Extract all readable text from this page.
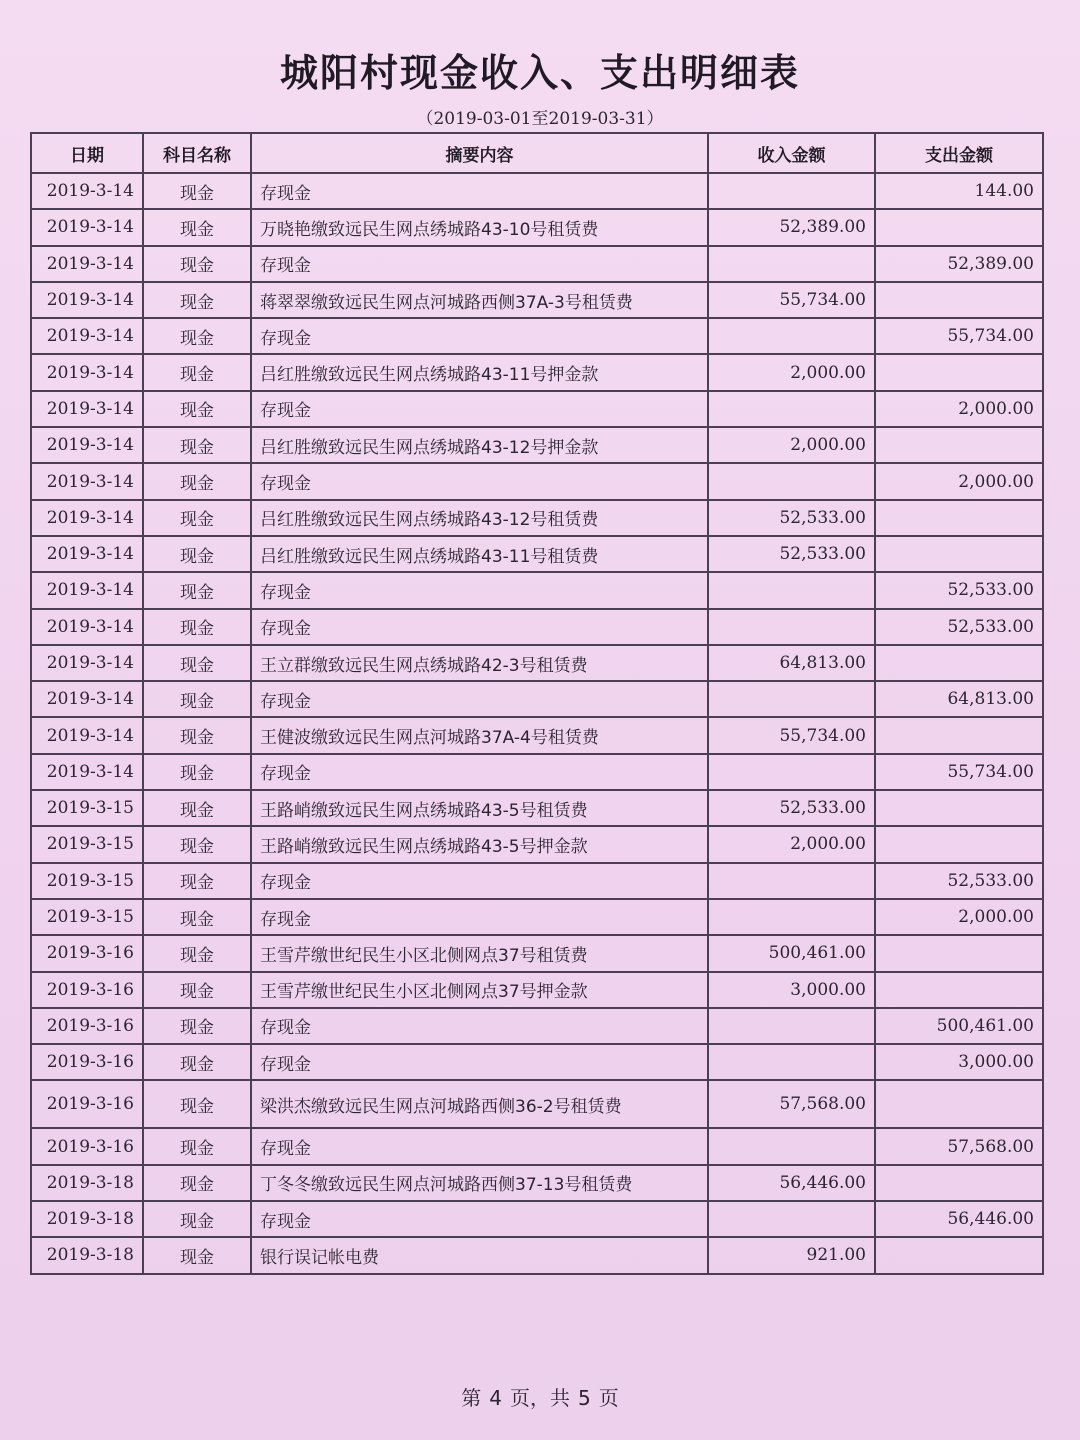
城阳村现金收入、支出明细表
（2019-03-01至2019-03-31）
日期	科目名称	摘要内容	收入金额	支出金额
2019-3-14	现金	存现金		144.00
2019-3-14	现金	万晓艳缴致远民生网点绣城路43-10号租赁费	52,389.00	
2019-3-14	现金	存现金		52,389.00
2019-3-14	现金	蒋翠翠缴致远民生网点河城路西侧37A-3号租赁费	55,734.00	
2019-3-14	现金	存现金		55,734.00
2019-3-14	现金	吕红胜缴致远民生网点绣城路43-11号押金款	2,000.00	
2019-3-14	现金	存现金		2,000.00
2019-3-14	现金	吕红胜缴致远民生网点绣城路43-12号押金款	2,000.00	
2019-3-14	现金	存现金		2,000.00
2019-3-14	现金	吕红胜缴致远民生网点绣城路43-12号租赁费	52,533.00	
2019-3-14	现金	吕红胜缴致远民生网点绣城路43-11号租赁费	52,533.00	
2019-3-14	现金	存现金		52,533.00
2019-3-14	现金	存现金		52,533.00
2019-3-14	现金	王立群缴致远民生网点绣城路42-3号租赁费	64,813.00	
2019-3-14	现金	存现金		64,813.00
2019-3-14	现金	王健波缴致远民生网点河城路37A-4号租赁费	55,734.00	
2019-3-14	现金	存现金		55,734.00
2019-3-15	现金	王路峭缴致远民生网点绣城路43-5号租赁费	52,533.00	
2019-3-15	现金	王路峭缴致远民生网点绣城路43-5号押金款	2,000.00	
2019-3-15	现金	存现金		52,533.00
2019-3-15	现金	存现金		2,000.00
2019-3-16	现金	王雪芹缴世纪民生小区北侧网点37号租赁费	500,461.00	
2019-3-16	现金	王雪芹缴世纪民生小区北侧网点37号押金款	3,000.00	
2019-3-16	现金	存现金		500,461.00
2019-3-16	现金	存现金		3,000.00
2019-3-16	现金	梁洪杰缴致远民生网点河城路西侧36-2号租赁费	57,568.00	
2019-3-16	现金	存现金		57,568.00
2019-3-18	现金	丁冬冬缴致远民生网点河城路西侧37-13号租赁费	56,446.00	
2019-3-18	现金	存现金		56,446.00
2019-3-18	现金	银行误记帐电费	921.00	
第 4 页，共 5 页
